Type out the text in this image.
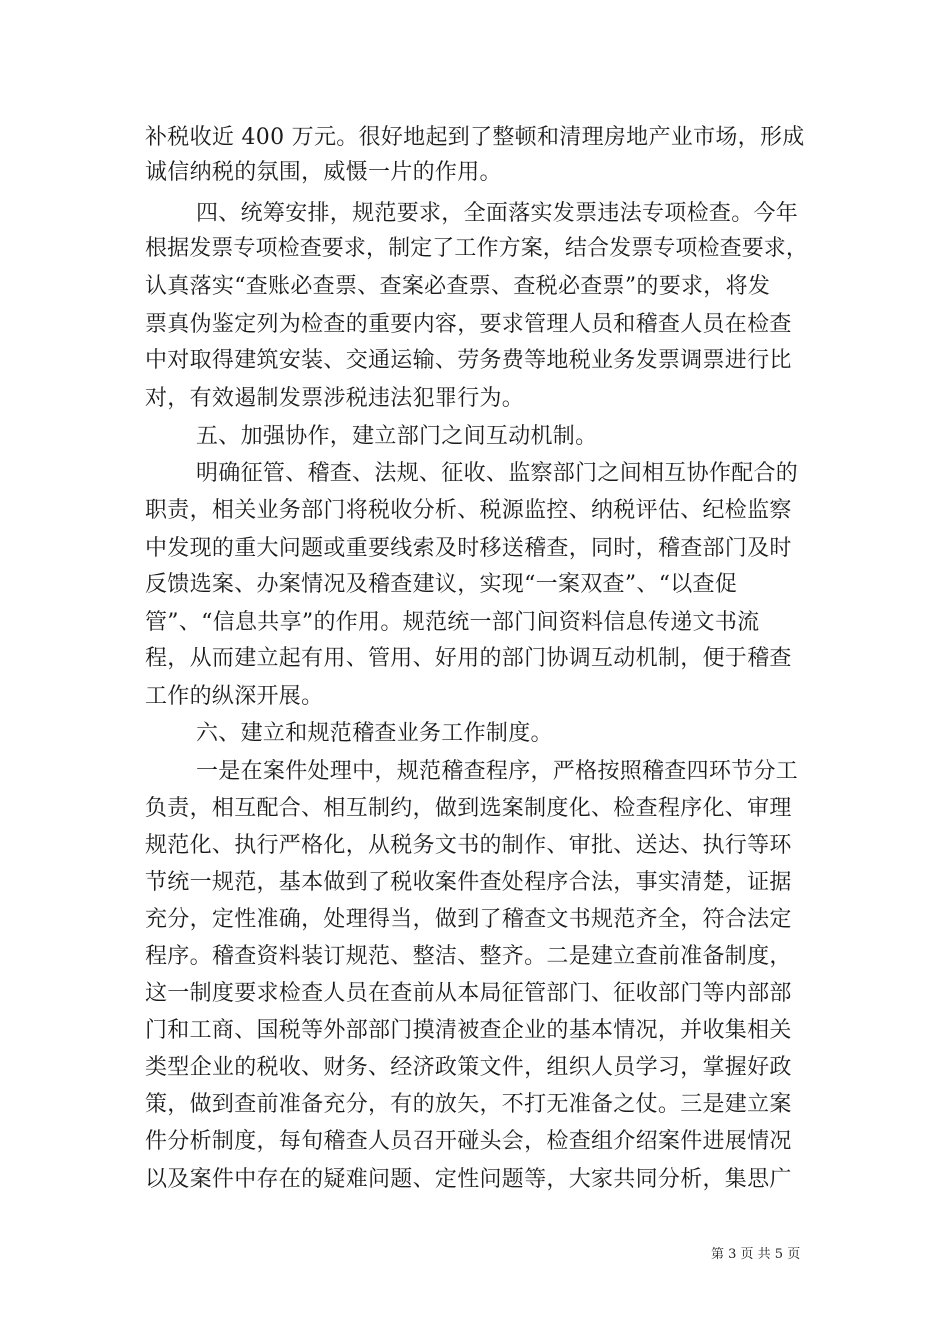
补税收近 400 万元。很好地起到了整顿和清理房地产业市场，形成
诚信纳税的氛围，威慑一片的作用。
四、统筹安排，规范要求，全面落实发票违法专项检查。今年
根据发票专项检查要求，制定了工作方案，结合发票专项检查要求，
认真落实“查账必查票、查案必查票、查税必查票”的要求，将发
票真伪鉴定列为检查的重要内容，要求管理人员和稽查人员在检查
中对取得建筑安装、交通运输、劳务费等地税业务发票调票进行比
对，有效遏制发票涉税违法犯罪行为。
五、加强协作，建立部门之间互动机制。
明确征管、稽查、法规、征收、监察部门之间相互协作配合的
职责，相关业务部门将税收分析、税源监控、纳税评估、纪检监察
中发现的重大问题或重要线索及时移送稽查，同时，稽查部门及时
反馈选案、办案情况及稽查建议，实现“一案双查”、“以查促
管”、“信息共享”的作用。规范统一部门间资料信息传递文书流
程，从而建立起有用、管用、好用的部门协调互动机制，便于稽查
工作的纵深开展。
六、建立和规范稽查业务工作制度。
一是在案件处理中，规范稽查程序，严格按照稽查四环节分工
负责，相互配合、相互制约，做到选案制度化、检查程序化、审理
规范化、执行严格化，从税务文书的制作、审批、送达、执行等环
节统一规范，基本做到了税收案件查处程序合法，事实清楚，证据
充分，定性准确，处理得当，做到了稽查文书规范齐全，符合法定
程序。稽查资料装订规范、整洁、整齐。二是建立查前准备制度，
这一制度要求检查人员在查前从本局征管部门、征收部门等内部部
门和工商、国税等外部部门摸清被查企业的基本情况，并收集相关
类型企业的税收、财务、经济政策文件，组织人员学习，掌握好政
策，做到查前准备充分，有的放矢，不打无准备之仗。三是建立案
件分析制度，每旬稽查人员召开碰头会，检查组介绍案件进展情况
以及案件中存在的疑难问题、定性问题等，大家共同分析，集思广
第 3 页 共 5 页
